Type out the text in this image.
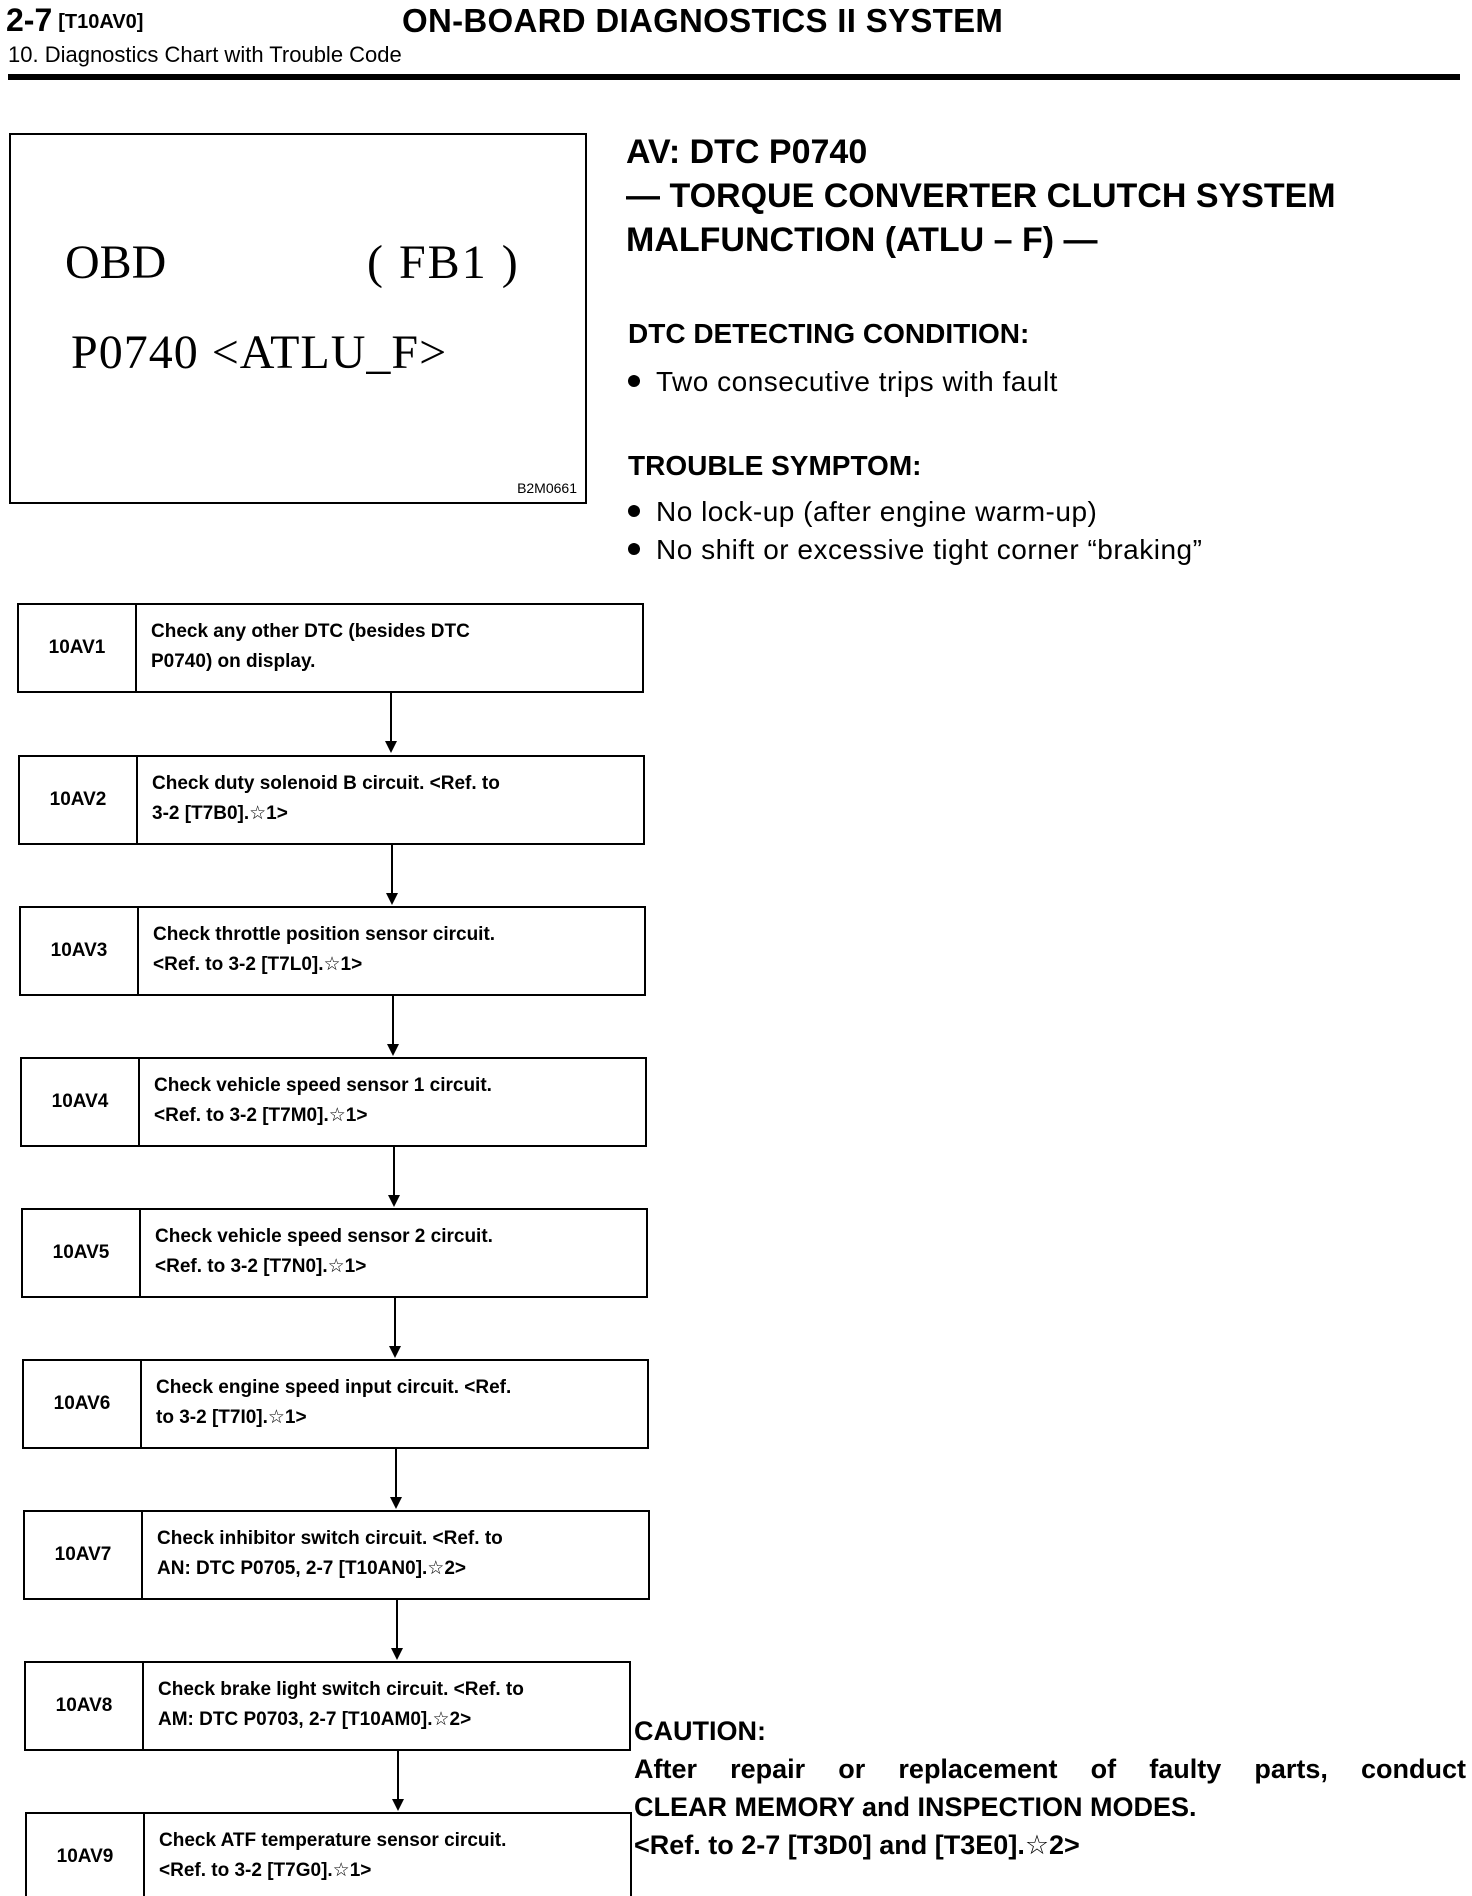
2-7 [T10AV0]	ON-BOARD DIAGNOSTICS II SYSTEM
10. Diagnostics Chart with Trouble Code
OBD	( FB1 )
P0740 <ATLU_F>
B2M0661
AV: DTC P0740
— TORQUE CONVERTER CLUTCH SYSTEM
MALFUNCTION (ATLU – F) —
DTC DETECTING CONDITION:
Two consecutive trips with fault
TROUBLE SYMPTOM:
No lock-up (after engine warm-up)
No shift or excessive tight corner “braking”
10AV1
Check any other DTC (besides DTC
P0740) on display.
10AV2
Check duty solenoid B circuit. <Ref. to
3-2 [T7B0].☆1>
10AV3
Check throttle position sensor circuit.
<Ref. to 3-2 [T7L0].☆1>
10AV4
Check vehicle speed sensor 1 circuit.
<Ref. to 3-2 [T7M0].☆1>
10AV5
Check vehicle speed sensor 2 circuit.
<Ref. to 3-2 [T7N0].☆1>
10AV6
Check engine speed input circuit. <Ref.
to 3-2 [T7I0].☆1>
10AV7
Check inhibitor switch circuit. <Ref. to
AN: DTC P0705, 2-7 [T10AN0].☆2>
10AV8
Check brake light switch circuit. <Ref. to
AM: DTC P0703, 2-7 [T10AM0].☆2>
10AV9
Check ATF temperature sensor circuit.
<Ref. to 3-2 [T7G0].☆1>
CAUTION:
After repair or replacement of faulty parts, conduct
CLEAR MEMORY and INSPECTION MODES.
<Ref. to 2-7 [T3D0] and [T3E0].☆2>
